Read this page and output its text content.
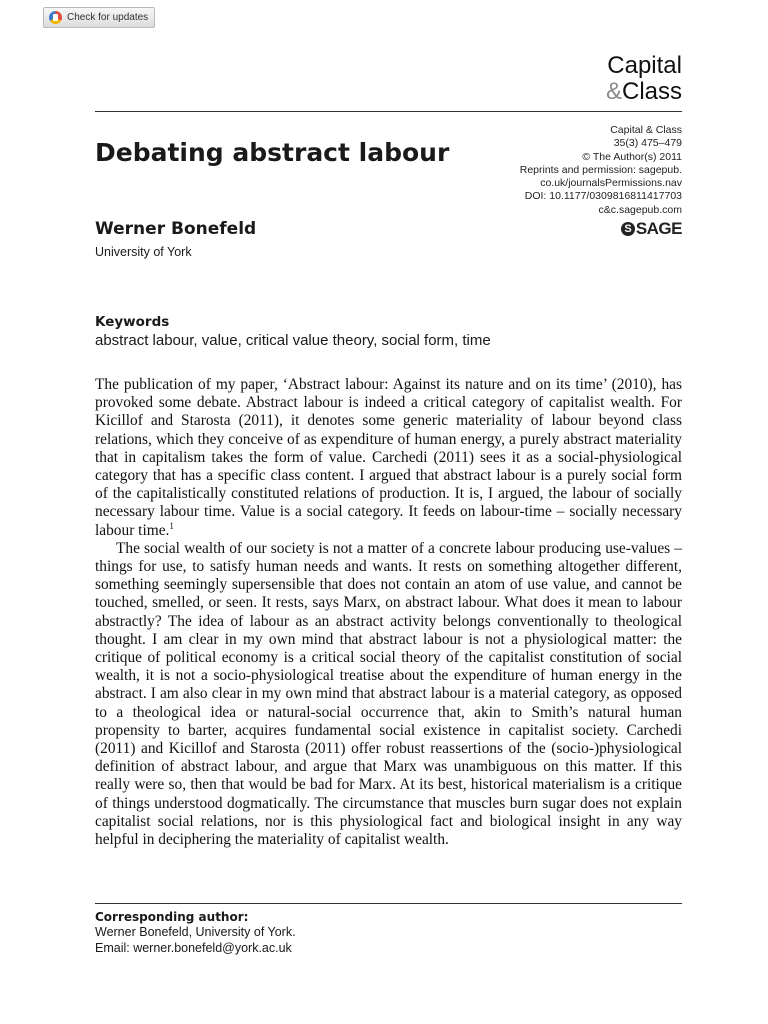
Check for updates
Capital
&Class
Debating abstract labour
Capital & Class
35(3) 475–479
© The Author(s) 2011
Reprints and permission: sagepub.
co.uk/journalsPermissions.nav
DOI: 10.1177/0309816811417703
c&c.sagepub.com
S SAGE
Werner Bonefeld
University of York
Keywords
abstract labour, value, critical value theory, social form, time

The publication of my paper, ‘Abstract labour: Against its nature and on its time’ (2010), has provoked some debate. Abstract labour is indeed a critical category of capitalist wealth. For Kicillof and Starosta (2011), it denotes some generic materiality of labour beyond class relations, which they conceive of as expenditure of human energy, a purely abstract materiality that in capitalism takes the form of value. Carchedi (2011) sees it as a social-physiological category that has a specific class content. I argued that abstract labour is a purely social form of the capitalistically constituted relations of production. It is, I argued, the labour of socially necessary labour time. Value is a social category. It feeds on labour-time – socially necessary labour time.$^1$

The social wealth of our society is not a matter of a concrete labour producing use-values – things for use, to satisfy human needs and wants. It rests on something altogether different, something seemingly supersensible that does not contain an atom of use value, and cannot be touched, smelled, or seen. It rests, says Marx, on abstract labour. What does it mean to labour abstractly? The idea of labour as an abstract activity belongs conventionally to theological thought. I am clear in my own mind that abstract labour is not a physiological matter: the critique of political economy is a critical social theory of the capitalist constitution of social wealth, it is not a socio-physiological treatise about the expenditure of human energy in the abstract. I am also clear in my own mind that abstract labour is a material category, as opposed to a theological idea or natural-social occurrence that, akin to Smith’s natural human propensity to barter, acquires fundamental social existence in capitalist society. Carchedi (2011) and Kicillof and Starosta (2011) offer robust reassertions of the (socio-)physiological definition of abstract labour, and argue that Marx was unambiguous on this matter. If this really were so, then that would be bad for Marx. At its best, historical materialism is a critique of things understood dogmatically. The circumstance that muscles burn sugar does not explain capitalist social relations, nor is this physiological fact and biological insight in any way helpful in deciphering the materiality of capitalist wealth.

Corresponding author:
Werner Bonefeld, University of York.
Email: werner.bonefeld@york.ac.uk
